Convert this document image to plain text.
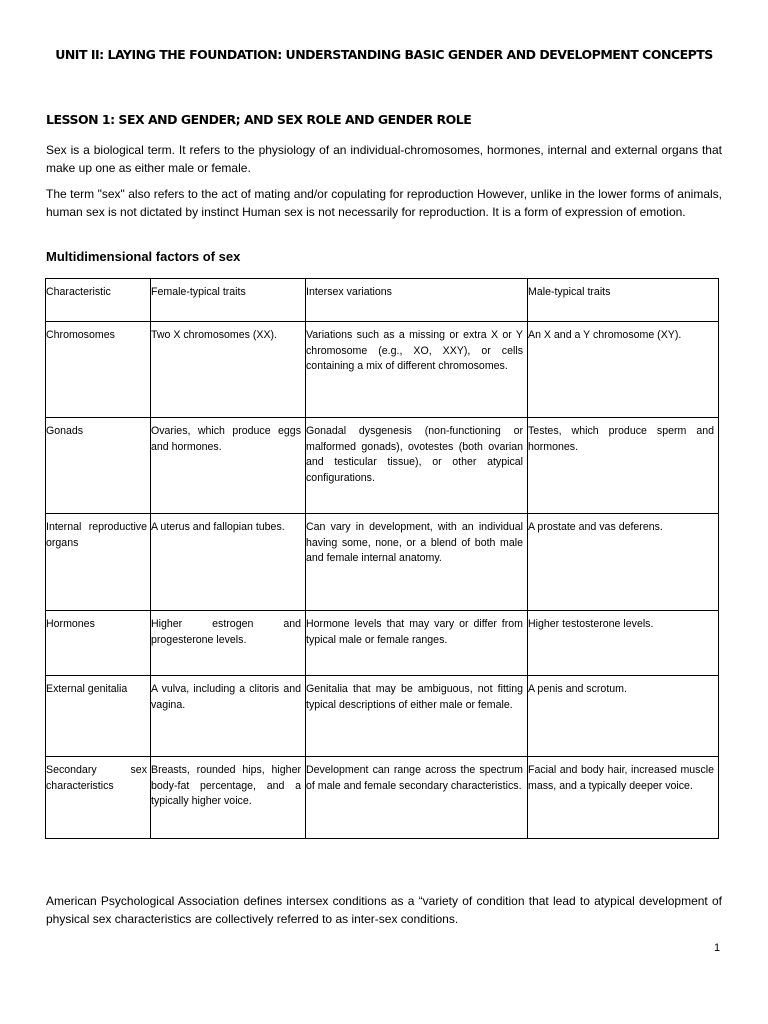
UNIT II: LAYING THE FOUNDATION: UNDERSTANDING BASIC GENDER AND DEVELOPMENT CONCEPTS
LESSON 1: SEX AND GENDER; AND SEX ROLE AND GENDER ROLE

Sex is a biological term. It refers to the physiology of an individual-chromosomes, hormones, internal and external organs that make up one as either male or female.

The term "sex" also refers to the act of mating and/or copulating for reproduction However, unlike in the lower forms of animals, human sex is not dictated by instinct Human sex is not necessarily for reproduction. It is a form of expression of emotion.

Multidimensional factors of sex
Characteristic	Female-typical traits	Intersex variations	Male-typical traits
Chromosomes	Two X chromosomes (XX).	Variations such as a missing or extra X or Y chromosome (e.g., XO, XXY), or cells containing a mix of different chromosomes.	An X and a Y chromosome (XY).
Gonads	Ovaries, which produce eggs and hormones.	Gonadal dysgenesis (non-functioning or malformed gonads), ovotestes (both ovarian and testicular tissue), or other atypical configurations.	Testes, which produce sperm and hormones.
Internal reproductive organs	A uterus and fallopian tubes.	Can vary in development, with an individual having some, none, or a blend of both male and female internal anatomy.	A prostate and vas deferens.
Hormones	Higher estrogen and progesterone levels.	Hormone levels that may vary or differ from typical male or female ranges.	Higher testosterone levels.
External genitalia	A vulva, including a clitoris and vagina.	Genitalia that may be ambiguous, not fitting typical descriptions of either male or female.	A penis and scrotum.
Secondary sex characteristics	Breasts, rounded hips, higher body-fat percentage, and a typically higher voice.	Development can range across the spectrum of male and female secondary characteristics.	Facial and body hair, increased muscle mass, and a typically deeper voice.

American Psychological Association defines intersex conditions as a “variety of condition that lead to atypical development of physical sex characteristics are collectively referred to as inter-sex conditions.

1
